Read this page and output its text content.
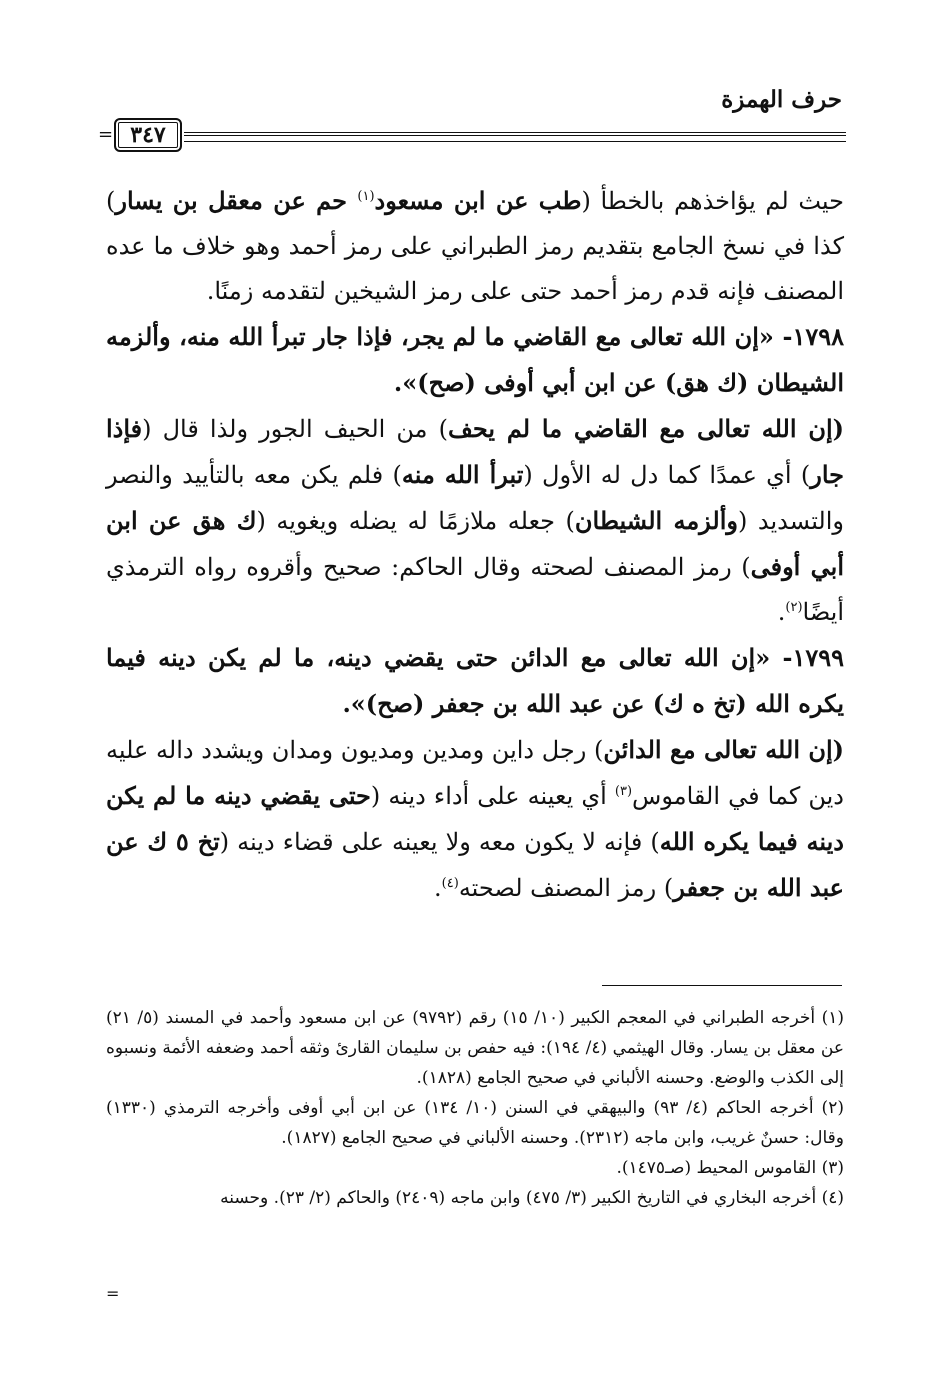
حرف الهمزة
= ٣٤٧

حيث لم يؤاخذهم بالخطأ (طب عن ابن مسعود$^{(١)}$ حم عن معقل بن يسار) كذا في نسخ الجامع بتقديم رمز الطبراني على رمز أحمد وهو خلاف ما عده المصنف فإنه قدم رمز أحمد حتى على رمز الشيخين لتقدمه زمنًا.

١٧٩٨- «إن الله تعالى مع القاضي ما لم يجر، فإذا جار تبرأ الله منه، وألزمه الشيطان (ك هق) عن ابن أبي أوفى (صح)».

(إن الله تعالى مع القاضي ما لم يحف) من الحيف الجور ولذا قال (فإذا جار) أي عمدًا كما دل له الأول (تبرأ الله منه) فلم يكن معه بالتأييد والنصر والتسديد (وألزمه الشيطان) جعله ملازمًا له يضله ويغويه (ك هق عن ابن أبي أوفى) رمز المصنف لصحته وقال الحاكم: صحيح وأقروه رواه الترمذي أيضًا$^{(٢)}$.

١٧٩٩- «إن الله تعالى مع الدائن حتى يقضي دينه، ما لم يكن دينه فيما يكره الله (تخ ه ك) عن عبد الله بن جعفر (صح)».

(إن الله تعالى مع الدائن) رجل داين ومدين ومديون ومدان ويشدد داله عليه دين كما في القاموس$^{(٣)}$ أي يعينه على أداء دينه (حتى يقضي دينه ما لم يكن دينه فيما يكره الله) فإنه لا يكون معه ولا يعينه على قضاء دينه (تخ ٥ ك عن عبد الله بن جعفر) رمز المصنف لصحته$^{(٤)}$.

(١) أخرجه الطبراني في المعجم الكبير (١٠/ ١٥) رقم (٩٧٩٢) عن ابن مسعود وأحمد في المسند (٥/ ٢١) عن معقل بن يسار. وقال الهيثمي (٤/ ١٩٤): فيه حفص بن سليمان القارئ وثقه أحمد وضعفه الأئمة ونسبوه إلى الكذب والوضع. وحسنه الألباني في صحيح الجامع (١٨٢٨).

(٢) أخرجه الحاكم (٤/ ٩٣) والبيهقي في السنن (١٠/ ١٣٤) عن ابن أبي أوفى وأخرجه الترمذي (١٣٣٠) وقال: حسنٌ غريب، وابن ماجه (٢٣١٢). وحسنه الألباني في صحيح الجامع (١٨٢٧).

(٣) القاموس المحيط (صـ١٤٧٥).

(٤) أخرجه البخاري في التاريخ الكبير (٣/ ٤٧٥) وابن ماجه (٢٤٠٩) والحاكم (٢/ ٢٣). وحسنه

=
